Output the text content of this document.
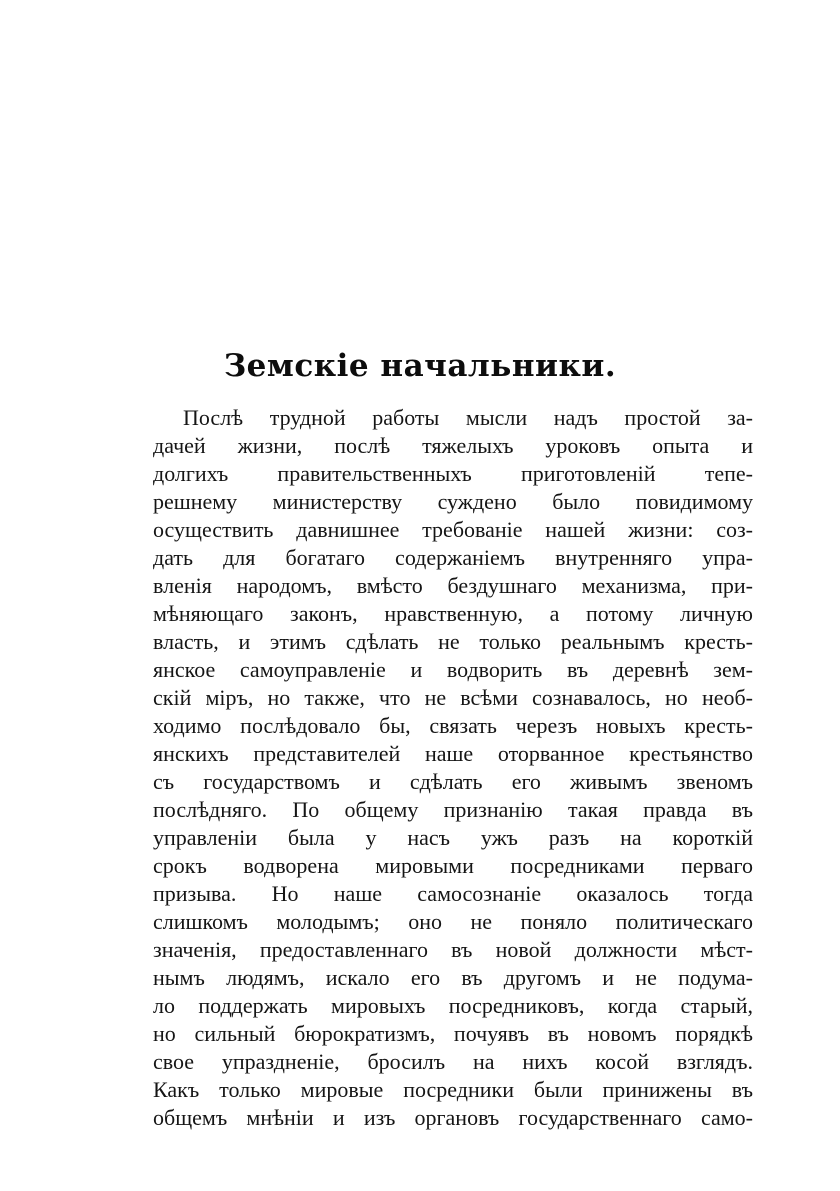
Земскіе начальники.
Послѣ трудной работы мысли надъ простой за-
дачей жизни, послѣ тяжелыхъ уроковъ опыта и
долгихъ правительственныхъ приготовленій тепе-
решнему министерству суждено было повидимому
осуществить давнишнее требованіе нашей жизни: соз-
дать для богатаго содержаніемъ внутренняго упра-
вленія народомъ, вмѣсто бездушнаго механизма, при-
мѣняющаго законъ, нравственную, а потому личную
власть, и этимъ сдѣлать не только реальнымъ кресть-
янское самоуправленіе и водворить въ деревнѣ зем-
скій міръ, но также, что не всѣми сознавалось, но необ-
ходимо послѣдовало бы, связать черезъ новыхъ кресть-
янскихъ представителей наше оторванное крестьянство
съ государствомъ и сдѣлать его живымъ звеномъ
послѣдняго. По общему признанію такая правда въ
управленіи была у насъ ужъ разъ на короткій
срокъ водворена мировыми посредниками перваго
призыва. Но наше самосознаніе оказалось тогда
слишкомъ молодымъ; оно не поняло политическаго
значенія, предоставленнаго въ новой должности мѣст-
нымъ людямъ, искало его въ другомъ и не подума-
ло поддержать мировыхъ посредниковъ, когда старый,
но сильный бюрократизмъ, почуявъ въ новомъ порядкѣ
свое упраздненіе, бросилъ на нихъ косой взглядъ.
Какъ только мировые посредники были принижены въ
общемъ мнѣніи и изъ органовъ государственнаго само-
